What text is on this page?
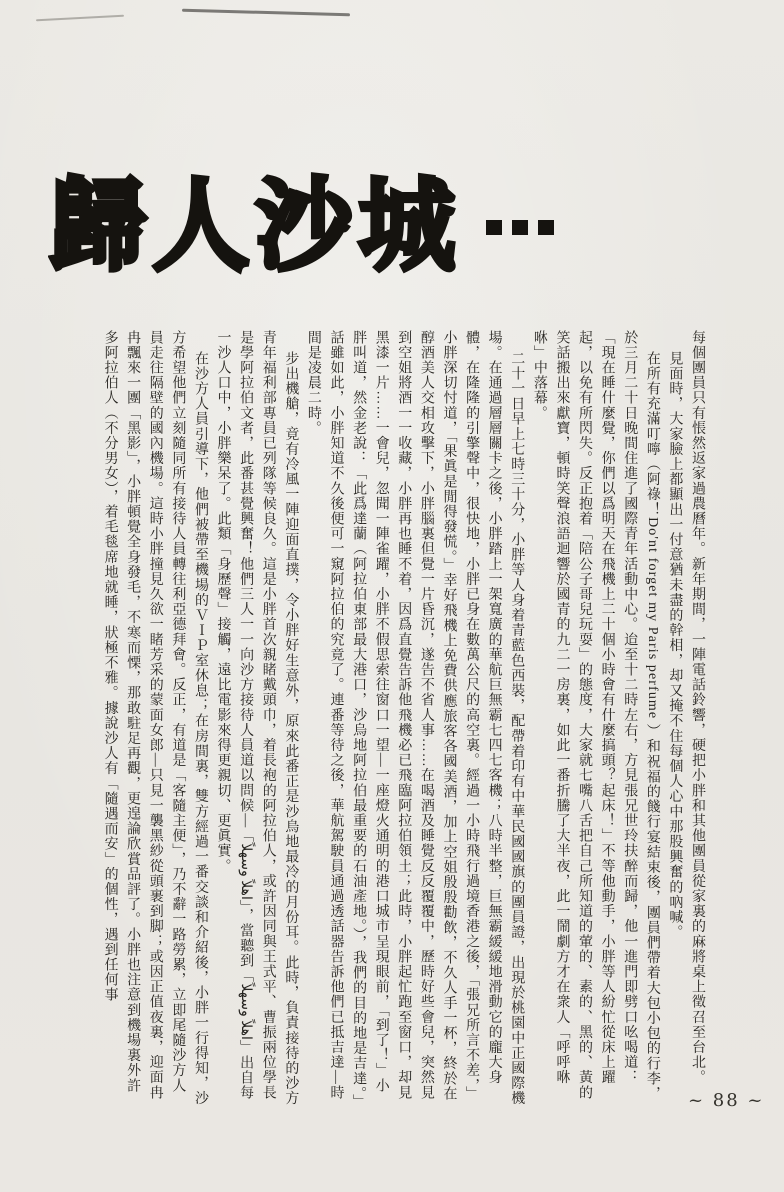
歸人沙城

每個團員只有悵然返家過農曆年。新年期間，一陣電話鈴響，硬把小胖和其他團員從家裏的麻將桌上徵召至台北。

見面時，大家臉上都顯出一付意猶未盡的幹相，却又掩不住每個人心中那股興奮的吶喊。

在所有充滿叮嚀（阿祿！Do'nt forget my Paris perfume ）和祝福的餞行宴結束後，團員們帶着大包小包的行李，於三月二十日晚間住進了國際青年活動中心。迨至十二時左右，方見張兄世玲扶醉而歸，他一進門即劈口吆喝道：「現在睡什麼覺，你們以爲明天在飛機上二十個小時會有什麼搞頭？起床！」不等他動手，小胖等人紛忙從床上躍起，以免有所閃失。反正抱着「陪公子哥兒玩耍」的態度，大家就七嘴八舌把自己所知道的葷的、素的、黑的、黃的笑話搬出來獻寶，頓時笑聲浪語迴響於國青的九二一房裏，如此一番折騰了大半夜，此一鬧劇方才在衆人「呼呼咻咻」中落幕。

二十一日早上七時三十分，小胖等人身着青藍色西裝，配帶着印有中華民國國旗的團員證，出現於桃園中正國際機場。在通過層層關卡之後，小胖踏上一架寬廣的華航巨無霸七四七客機；八時半整，巨無霸緩緩地滑動它的龐大身體，在隆隆的引擎聲中，很快地，小胖已身在數萬公尺的高空裏。經過一小時飛行過境香港之後，「張兄所言不差，」小胖深切忖道，「果眞是閒得發慌。」幸好飛機上免費供應旅客各國美酒，加上空姐殷殷勸飲，不久人手一杯，終於在醇酒美人交相攻擊下，小胖腦裏但覺一片昏沉，遂告不省人事……在喝酒及睡覺反反覆覆中，歷時好些會兒，突然見到空姐將酒一一收藏，小胖再也睡不着，因爲直覺告訴他飛機必已飛臨阿拉伯領土；此時，小胖起忙跑至窗口，却見黑漆一片……一會兒，忽聞一陣雀躍，小胖不假思索往窗口一望—一座燈火通明的港口城市呈現眼前，「到了！」小胖叫道，然金老說：「此爲達蘭（阿拉伯東部最大港口，沙烏地阿拉伯最重要的石油產地。），我們的目的地是吉達。」話雖如此，小胖知道不久後便可一窺阿拉伯的究竟了。連番等待之後，華航駕駛員通過透話器告訴他們已抵吉達—時間是凌晨二時。

步出機艙，竟有冷風一陣迎面直撲，令小胖好生意外，原來此番正是沙烏地最冷的月份耳。此時，負責接待的沙方青年福利部專員已列隊等候良久。這是小胖首次親睹戴頭巾，着長袍的阿拉伯人，或許因同與王式平、曹振兩位學長是學阿拉伯文者，此番甚覺興奮！他們三人一一向沙方接待人員道以問候—「اهلاً وسهلاً」，當聽到「اهلاً وسهلاً」出自每一沙人口中，小胖樂呆了。此類「身歷聲」接觸，遠比電影來得更親切、更眞實。

在沙方人員引導下，他們被帶至機場的ＶＩＰ室休息；在房間裏，雙方經過一番交談和介紹後，小胖一行得知，沙方希望他們立刻隨同所有接待人員轉往利亞德拜會。反正，有道是「客隨主便」，乃不辭一路勞累，立即尾隨沙方人員走往隔壁的國內機場。這時小胖撞見久欲一睹芳采的蒙面女郎—只見一襲黑紗從頭裹到脚；或因正值夜裏，迎面冉冉飄來一團「黑影」，小胖頓覺全身發毛，不寒而慄，那敢駐足再觀，更遑論欣賞品評了。小胖也注意到機場裏外許多阿拉伯人（不分男女），着毛毯席地就睡，狀極不雅。據說沙人有「隨遇而安」的個性，遇到任何事

~ 88 ~
